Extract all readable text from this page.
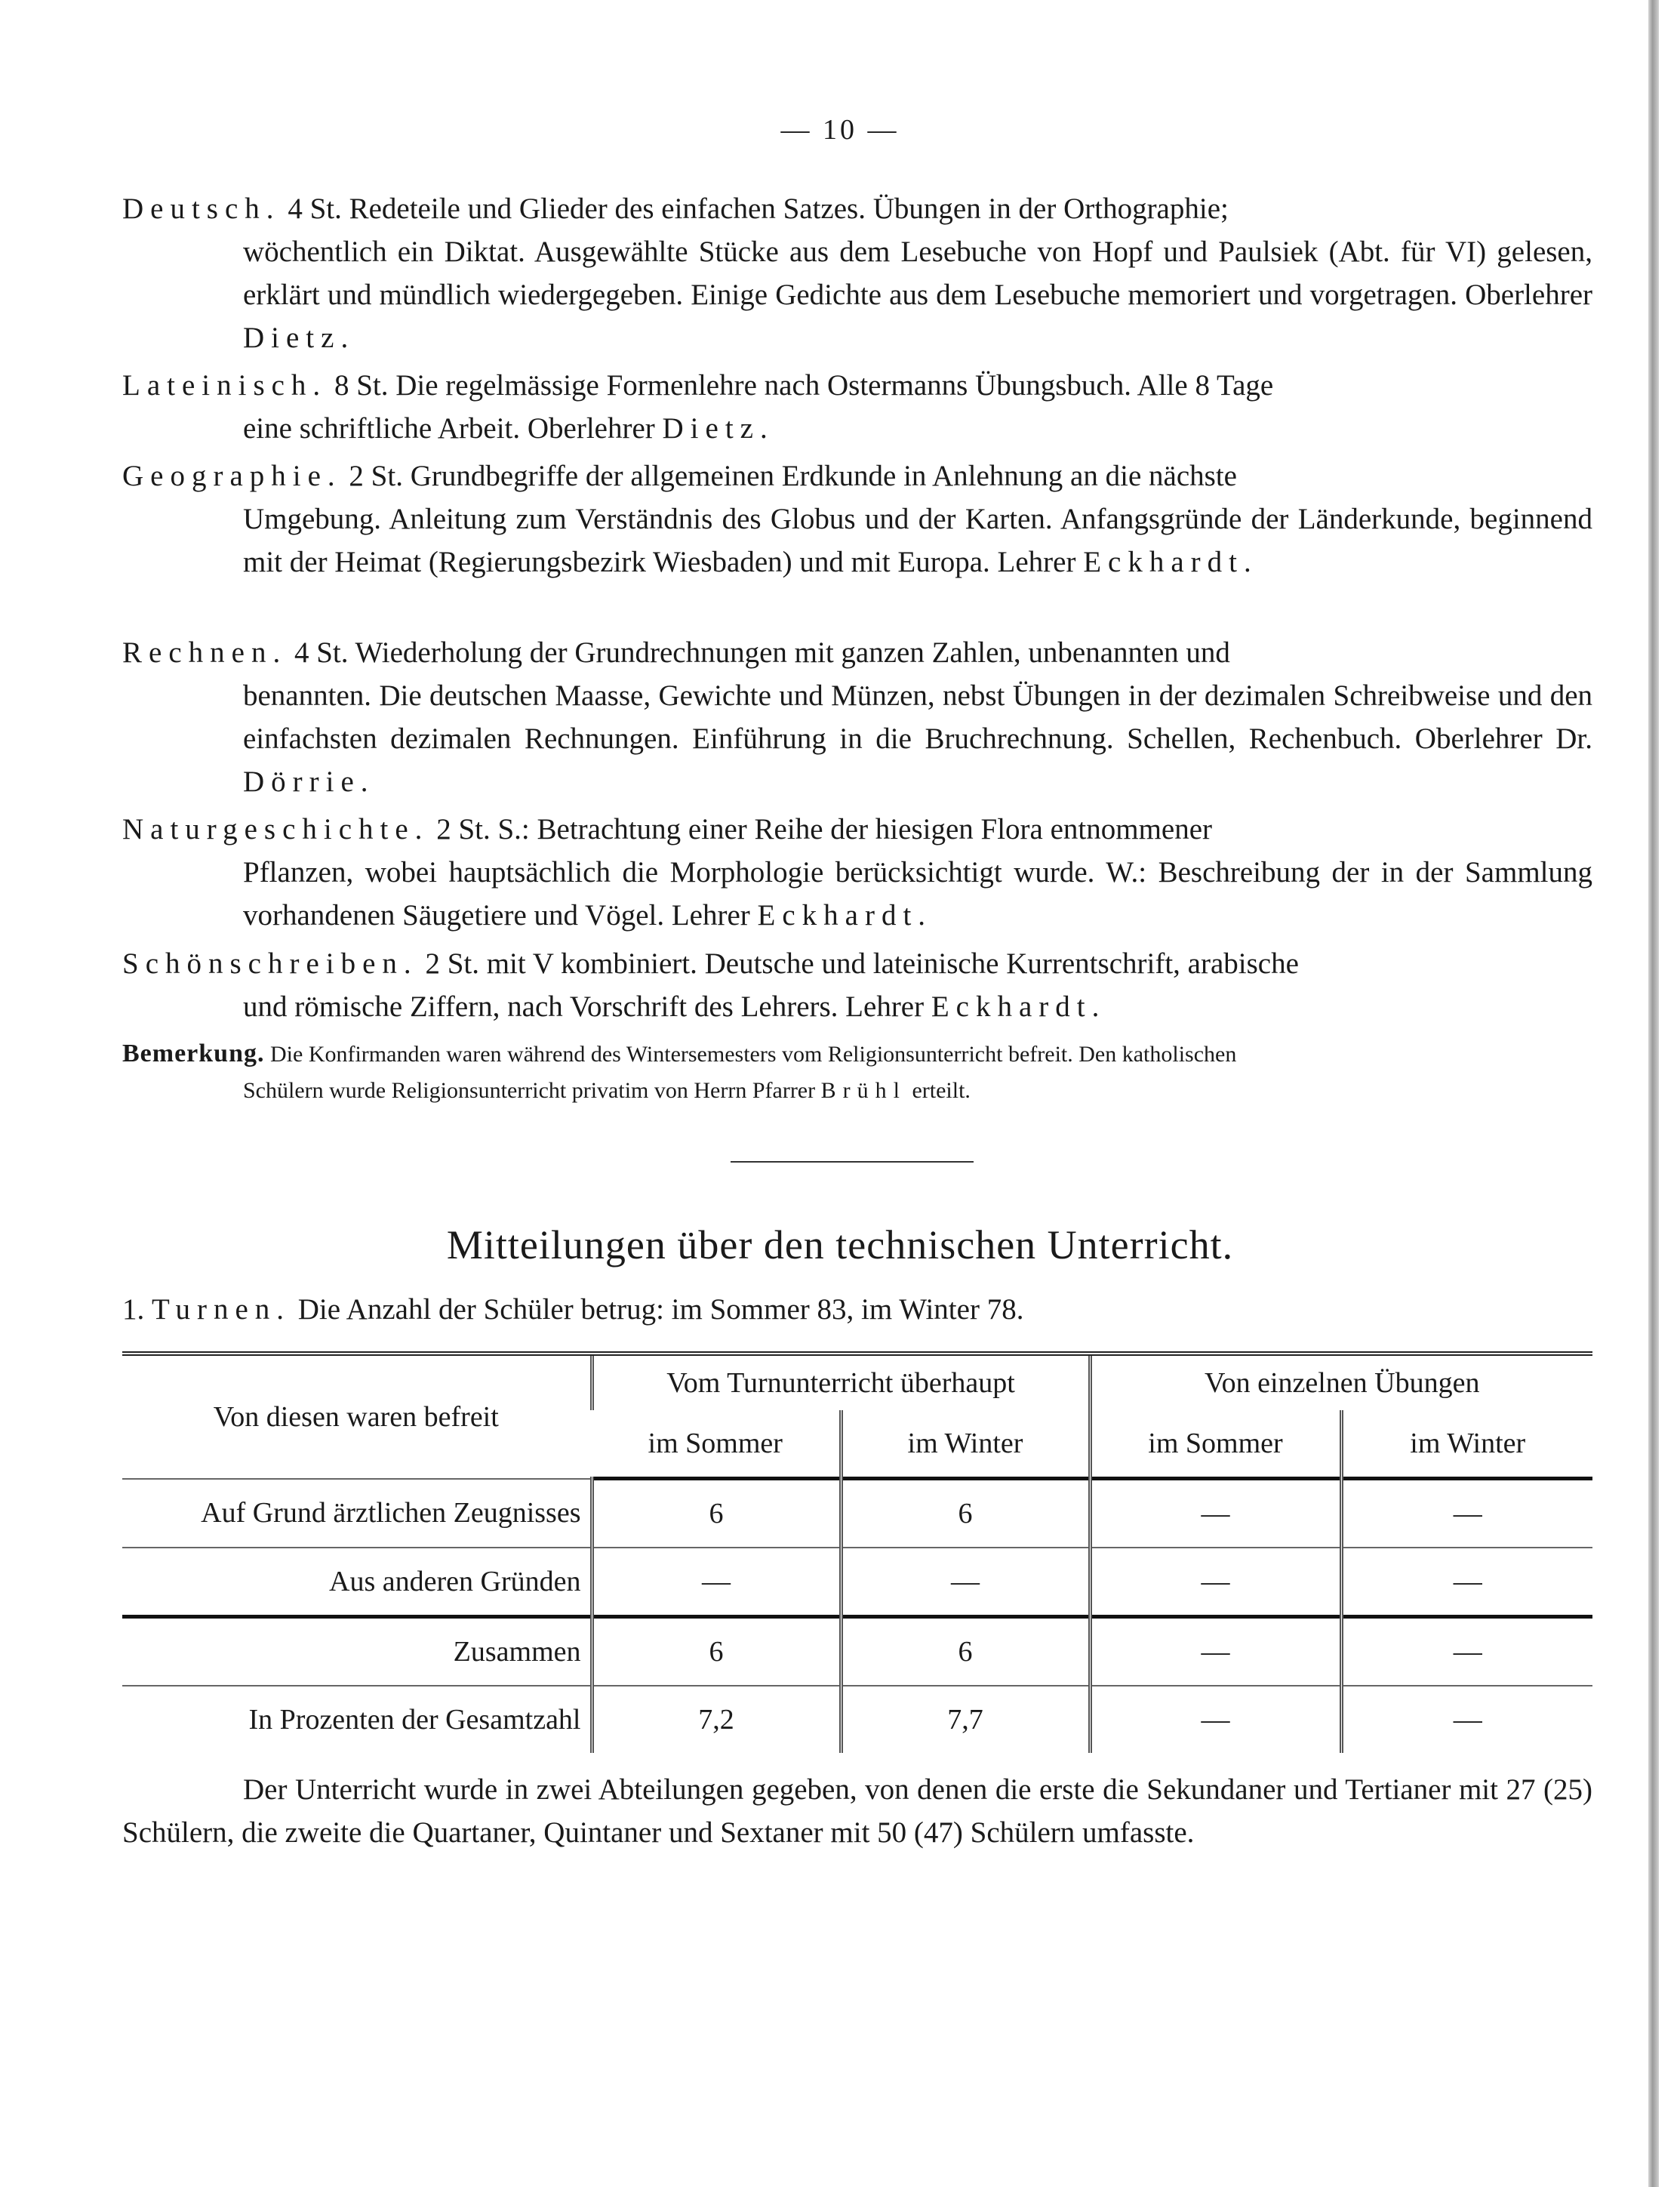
— 10 —
Deutsch. 4 St. Redeteile und Glieder des einfachen Satzes. Übungen in der Orthographie;
wöchentlich ein Diktat. Ausgewählte Stücke aus dem Lesebuche von Hopf und Paulsiek (Abt. für VI) gelesen, erklärt und mündlich wiedergegeben. Einige Gedichte aus dem Lesebuche memoriert und vorgetragen. Oberlehrer Dietz.
Lateinisch. 8 St. Die regelmässige Formenlehre nach Ostermanns Übungsbuch. Alle 8 Tage
eine schriftliche Arbeit. Oberlehrer Dietz.
Geographie. 2 St. Grundbegriffe der allgemeinen Erdkunde in Anlehnung an die nächste
Umgebung. Anleitung zum Verständnis des Globus und der Karten. Anfangsgründe der Länderkunde, beginnend mit der Heimat (Regierungsbezirk Wiesbaden) und mit Europa. Lehrer Eckhardt.
Rechnen. 4 St. Wiederholung der Grundrechnungen mit ganzen Zahlen, unbenannten und
benannten. Die deutschen Maasse, Gewichte und Münzen, nebst Übungen in der dezimalen Schreibweise und den einfachsten dezimalen Rechnungen. Einführung in die Bruchrechnung. Schellen, Rechenbuch. Oberlehrer Dr. Dörrie.
Naturgeschichte. 2 St. S.: Betrachtung einer Reihe der hiesigen Flora entnommener
Pflanzen, wobei hauptsächlich die Morphologie berücksichtigt wurde. W.: Beschreibung der in der Sammlung vorhandenen Säugetiere und Vögel. Lehrer Eckhardt.
Schönschreiben. 2 St. mit V kombiniert. Deutsche und lateinische Kurrentschrift, arabische
und römische Ziffern, nach Vorschrift des Lehrers. Lehrer Eckhardt.
Bemerkung. Die Konfirmanden waren während des Wintersemesters vom Religionsunterricht befreit. Den katholischen
Schülern wurde Religionsunterricht privatim von Herrn Pfarrer Brühl erteilt.
Mitteilungen über den technischen Unterricht.
1. Turnen. Die Anzahl der Schüler betrug: im Sommer 83, im Winter 78.
Von diesen waren befreit	Vom Turnunterricht überhaupt		Von einzelnen Übungen	
	im Sommer	im Winter	im Sommer	im Winter
Auf Grund ärztlichen Zeugnisses	6	6	—	—
Aus anderen Gründen	—	—	—	—
Zusammen	6	6	—	—
In Prozenten der Gesamtzahl	7,2	7,7	—	—
Der Unterricht wurde in zwei Abteilungen gegeben, von denen die erste die Sekundaner und Tertianer mit 27 (25) Schülern, die zweite die Quartaner, Quintaner und Sextaner mit 50 (47) Schülern umfasste.
